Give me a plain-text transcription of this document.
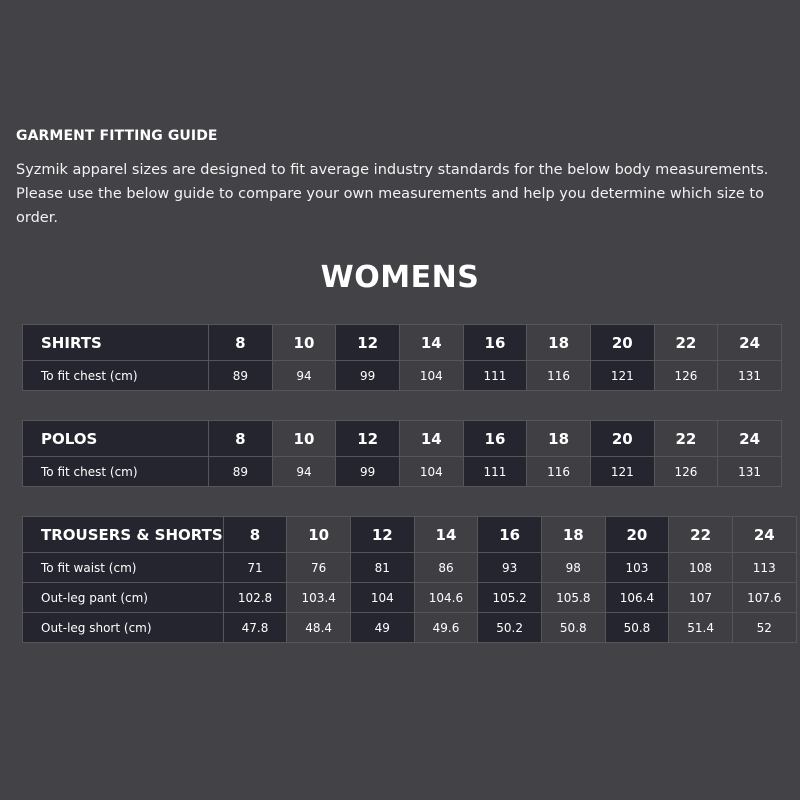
GARMENT FITTING GUIDE
Syzmik apparel sizes are designed to fit average industry standards for the below body measurements. Please use the below guide to compare your own measurements and help you determine which size to order.
WOMENS
SHIRTS	8	10	12	14	16	18	20	22	24
To fit chest (cm)	89	94	99	104	111	116	121	126	131
POLOS	8	10	12	14	16	18	20	22	24
To fit chest (cm)	89	94	99	104	111	116	121	126	131
TROUSERS & SHORTS	8	10	12	14	16	18	20	22	24
To fit waist (cm)	71	76	81	86	93	98	103	108	113
Out-leg pant (cm)	102.8	103.4	104	104.6	105.2	105.8	106.4	107	107.6
Out-leg short (cm)	47.8	48.4	49	49.6	50.2	50.8	50.8	51.4	52
